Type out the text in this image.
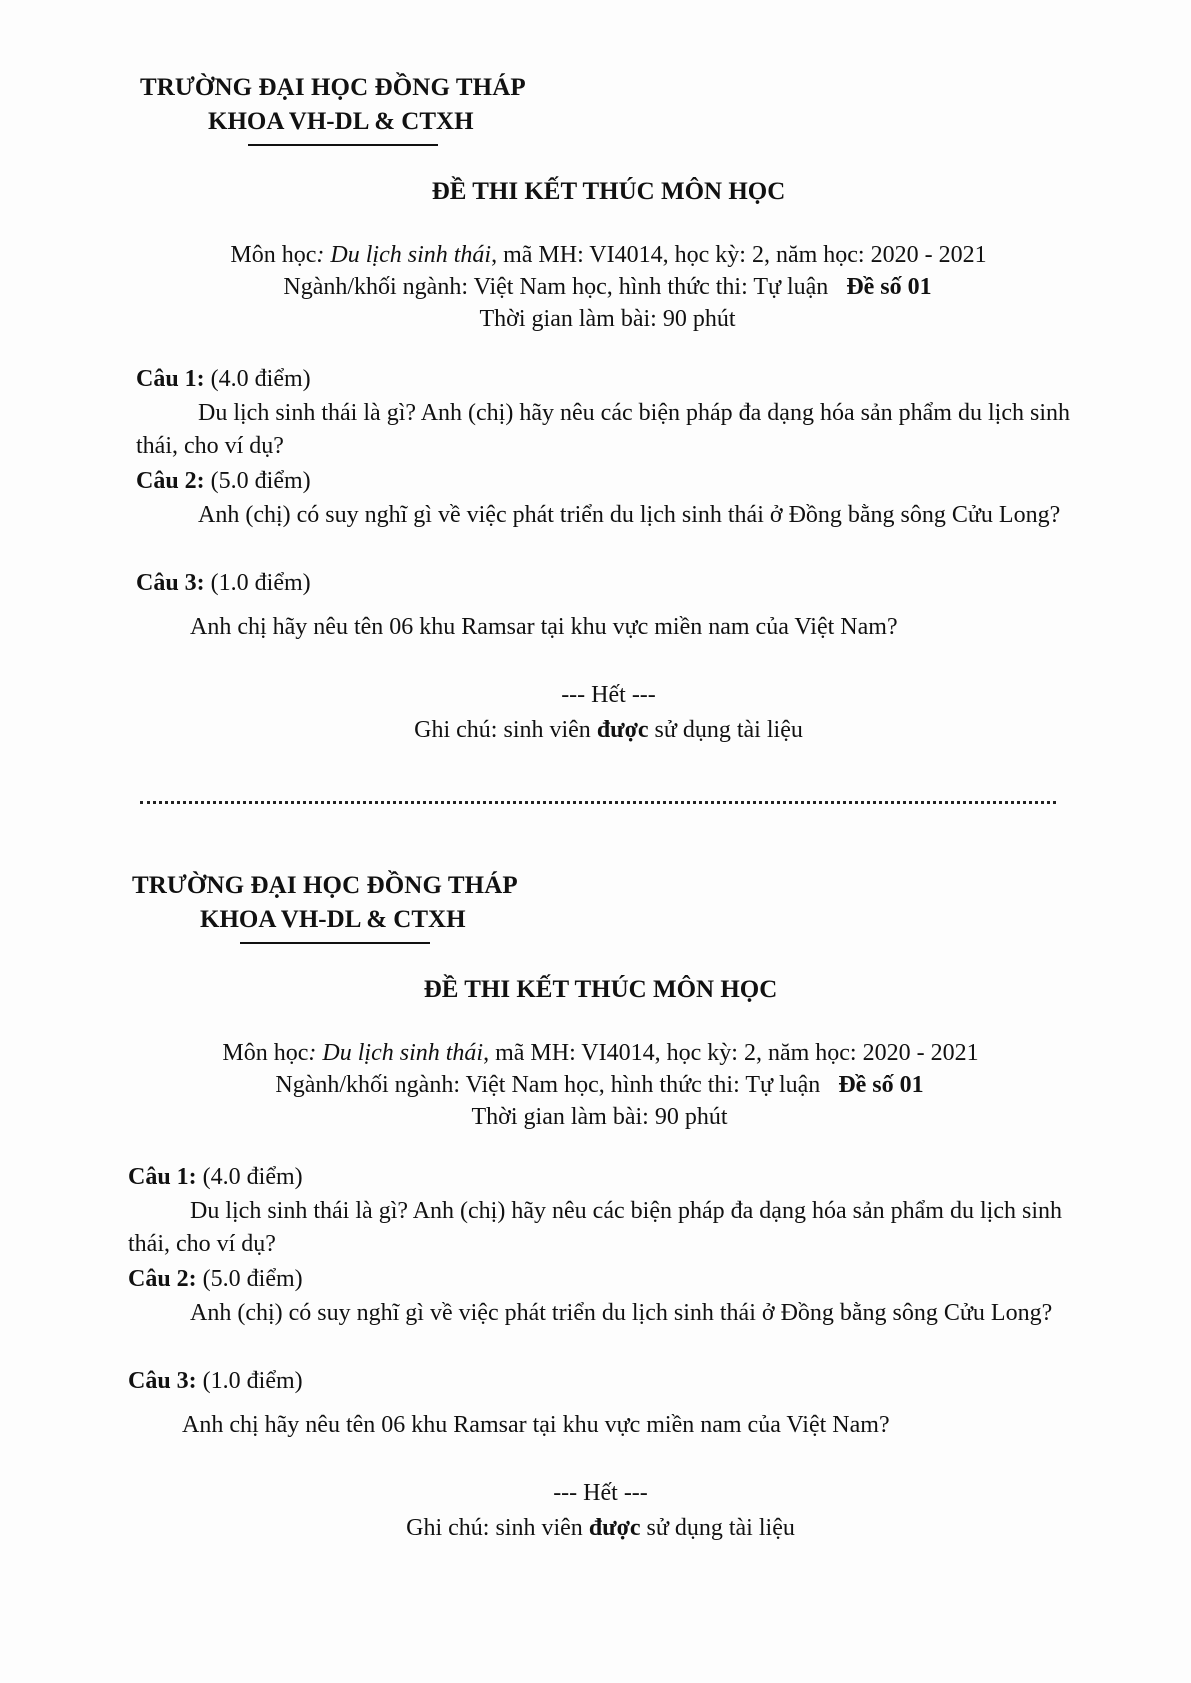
TRƯỜNG ĐẠI HỌC ĐỒNG THÁP
KHOA VH-DL & CTXH
ĐỀ THI KẾT THÚC MÔN HỌC
Môn học: Du lịch sinh thái, mã MH: VI4014, học kỳ: 2, năm học: 2020 - 2021
Ngành/khối ngành: Việt Nam học, hình thức thi: Tự luận Đề số 01
Thời gian làm bài: 90 phút
Câu 1: (4.0 điểm)
Du lịch sinh thái là gì? Anh (chị) hãy nêu các biện pháp đa dạng hóa sản phẩm du lịch sinh thái, cho ví dụ?
Câu 2: (5.0 điểm)
Anh (chị) có suy nghĩ gì về việc phát triển du lịch sinh thái ở Đồng bằng sông Cửu Long?
Câu 3: (1.0 điểm)
Anh chị hãy nêu tên 06 khu Ramsar tại khu vực miền nam của Việt Nam?
--- Hết ---
Ghi chú: sinh viên được sử dụng tài liệu
TRƯỜNG ĐẠI HỌC ĐỒNG THÁP
KHOA VH-DL & CTXH
ĐỀ THI KẾT THÚC MÔN HỌC
Môn học: Du lịch sinh thái, mã MH: VI4014, học kỳ: 2, năm học: 2020 - 2021
Ngành/khối ngành: Việt Nam học, hình thức thi: Tự luận Đề số 01
Thời gian làm bài: 90 phút
Câu 1: (4.0 điểm)
Du lịch sinh thái là gì? Anh (chị) hãy nêu các biện pháp đa dạng hóa sản phẩm du lịch sinh thái, cho ví dụ?
Câu 2: (5.0 điểm)
Anh (chị) có suy nghĩ gì về việc phát triển du lịch sinh thái ở Đồng bằng sông Cửu Long?
Câu 3: (1.0 điểm)
Anh chị hãy nêu tên 06 khu Ramsar tại khu vực miền nam của Việt Nam?
--- Hết ---
Ghi chú: sinh viên được sử dụng tài liệu
